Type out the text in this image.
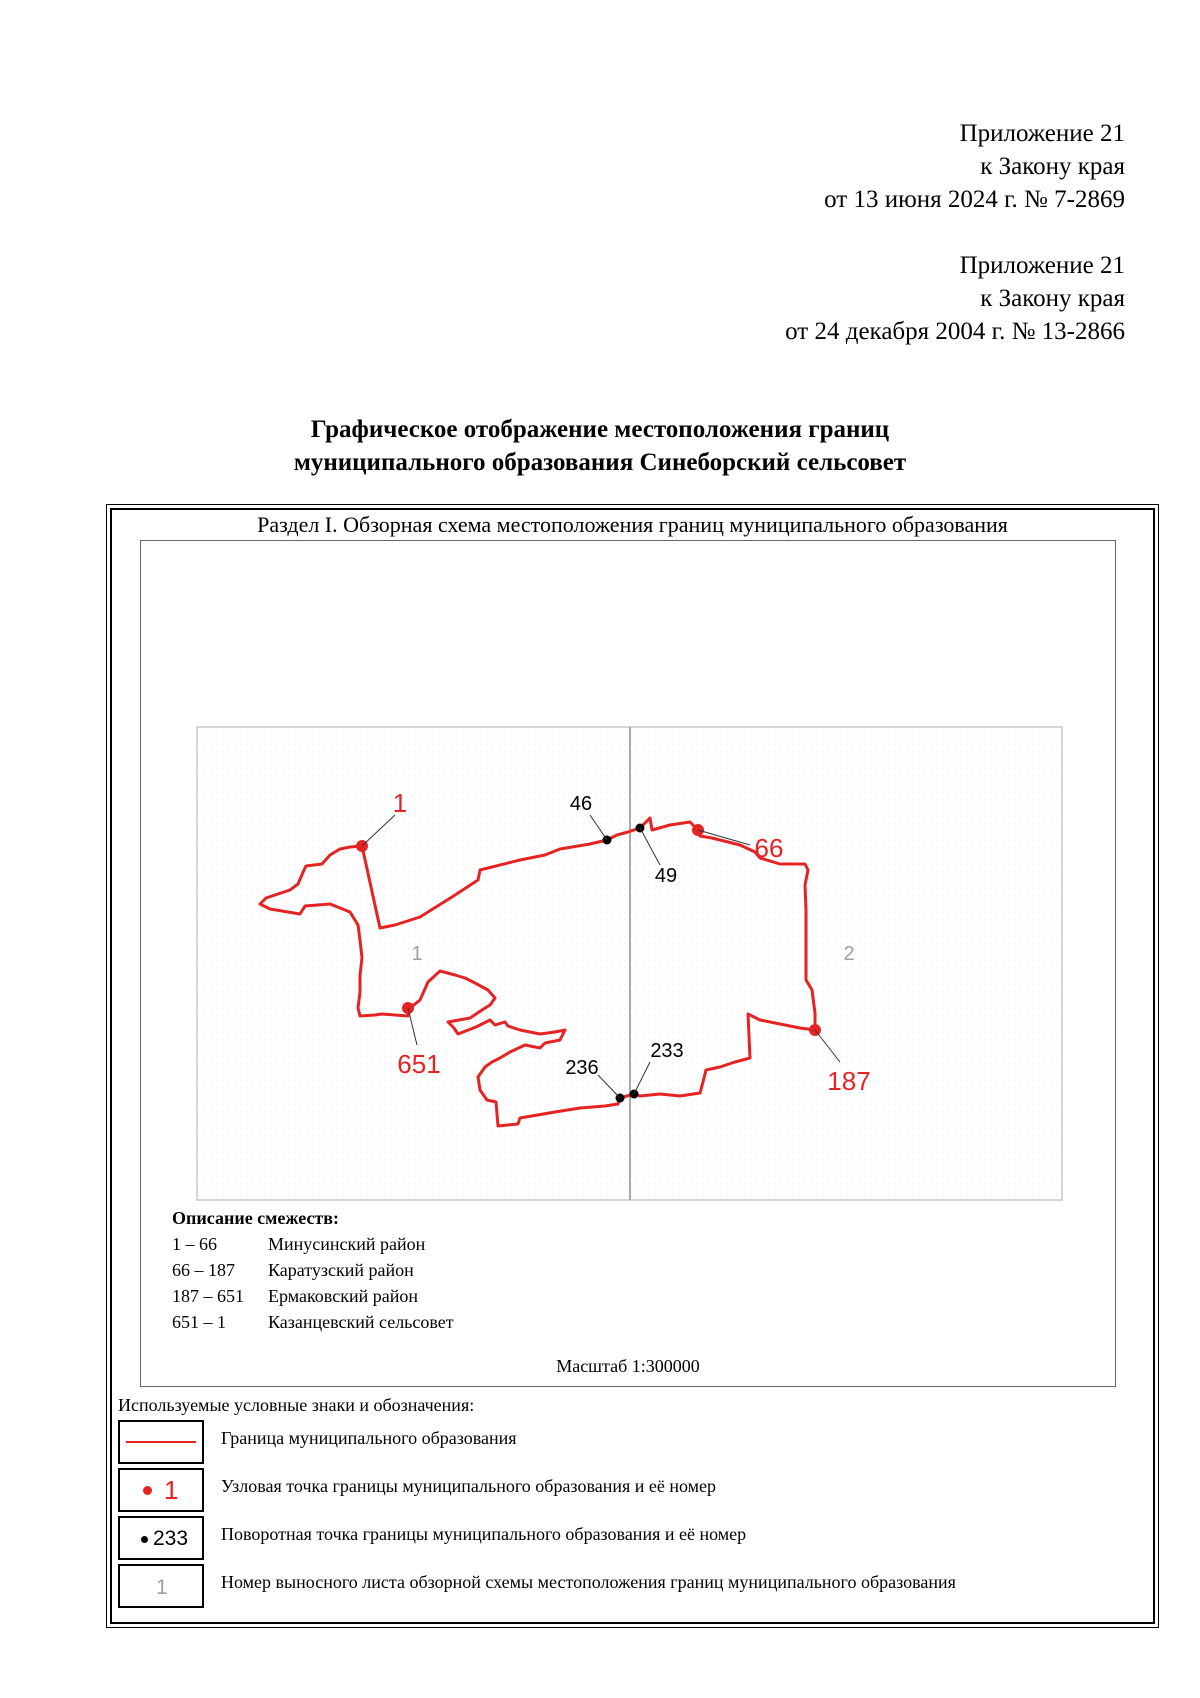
Приложение 21
к Закону края
от 13 июня 2024 г. № 7-2869
Приложение 21
к Закону края
от 24 декабря 2004 г. № 13-2866
Графическое отображение местоположения границ
муниципального образования Синеборский сельсовет
Раздел I. Обзорная схема местоположения границ муниципального образования
1	2
1
66
187
651
46
49
233
236
Описание смежеств:
1 – 66	Минусинский район
66 – 187 Каратузский район
187 – 651 Ермаковский район
651 – 1 Казанцевский сельсовет
Масштаб 1:300000
Используемые условные знаки и обозначения:
Граница муниципального образования
1 Узловая точка границы муниципального образования и её номер
233 Поворотная точка границы муниципального образования и её номер
1	Номер выносного листа обзорной схемы местоположения границ муниципального образования
